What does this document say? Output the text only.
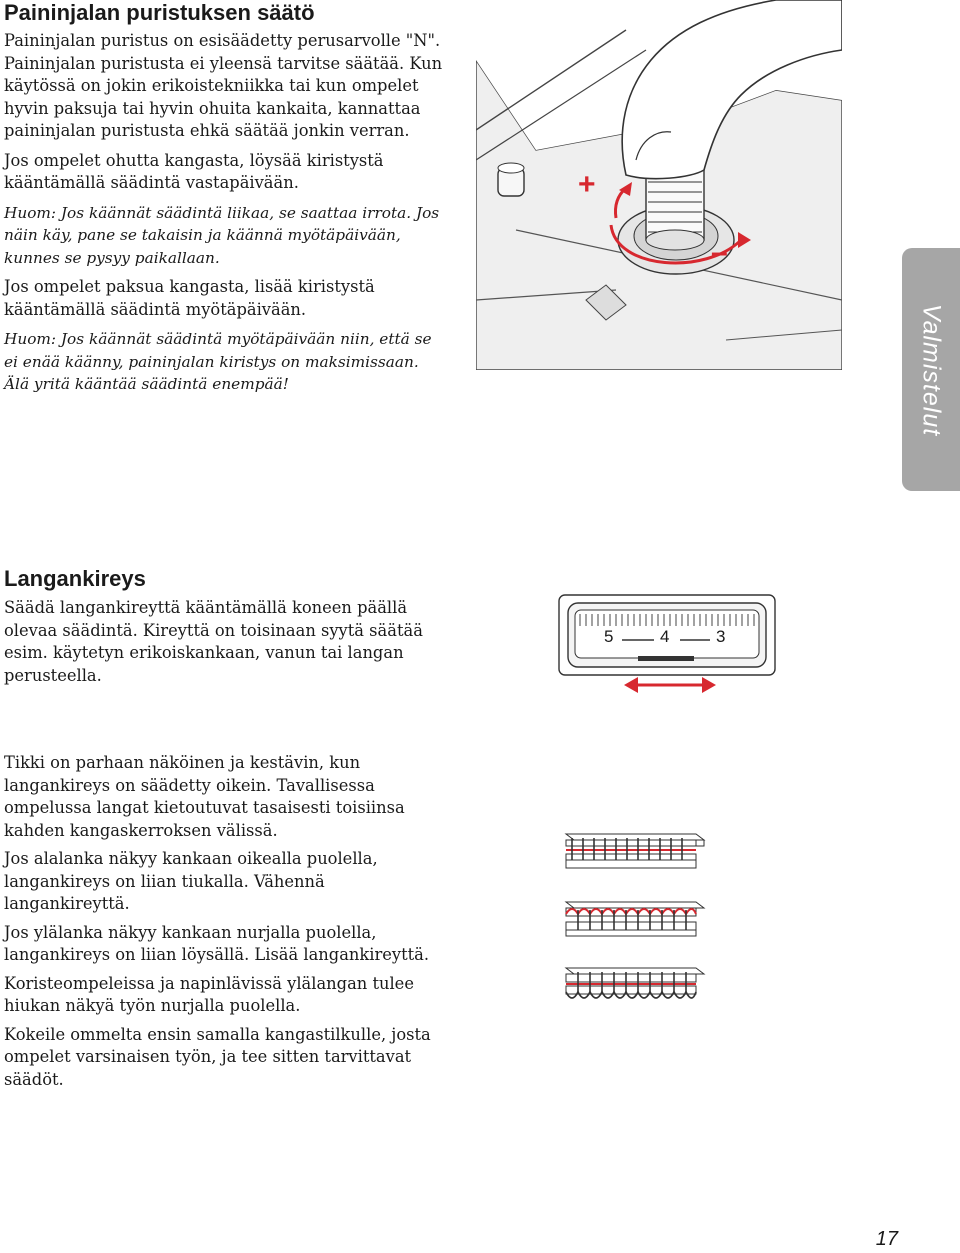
Paininjalan puristuksen säätö

Paininjalan puristus on esisäädetty perusarvolle "N". Paininjalan puristusta ei yleensä tarvitse säätää. Kun käytössä on jokin erikoistekniikka tai kun ompelet hyvin paksuja tai hyvin ohuita kankaita, kannattaa paininjalan puristusta ehkä säätää jonkin verran.

Jos ompelet ohutta kangasta, löysää kiristystä kääntämällä säädintä vastapäivään.

Huom: Jos käännät säädintä liikaa, se saattaa irrota. Jos näin käy, pane se takaisin ja käännä myötäpäivään, kunnes se pysyy paikallaan.

Jos ompelet paksua kangasta, lisää kiristystä kääntämällä säädintä myötäpäivään.

Huom: Jos käännät säädintä myötäpäivään niin, että se ei enää käänny, paininjalan kiristys on maksimissaan. Älä yritä kääntää säädintä enempää!

+
–
Valmistelut
Langankireys

Säädä langankireyttä kääntämällä koneen päällä olevaa säädintä. Kireyttä on toisinaan syytä säätää esim. käytetyn erikoiskankaan, vanun tai langan perusteella.

5	4	3

Tikki on parhaan näköinen ja kestävin, kun langankireys on säädetty oikein. Tavallisessa ompelussa langat kietoutuvat tasaisesti toisiinsa kahden kangaskerroksen välissä.

Jos alalanka näkyy kankaan oikealla puolella, langankireys on liian tiukalla. Vähennä langankireyttä.

Jos ylälanka näkyy kankaan nurjalla puolella, langankireys on liian löysällä. Lisää langankireyttä.

Koristeompeleissa ja napinlävissä ylälangan tulee hiukan näkyä työn nurjalla puolella.

Kokeile ommelta ensin samalla kangastilkulle, josta ompelet varsinaisen työn, ja tee sitten tarvittavat säädöt.

17
